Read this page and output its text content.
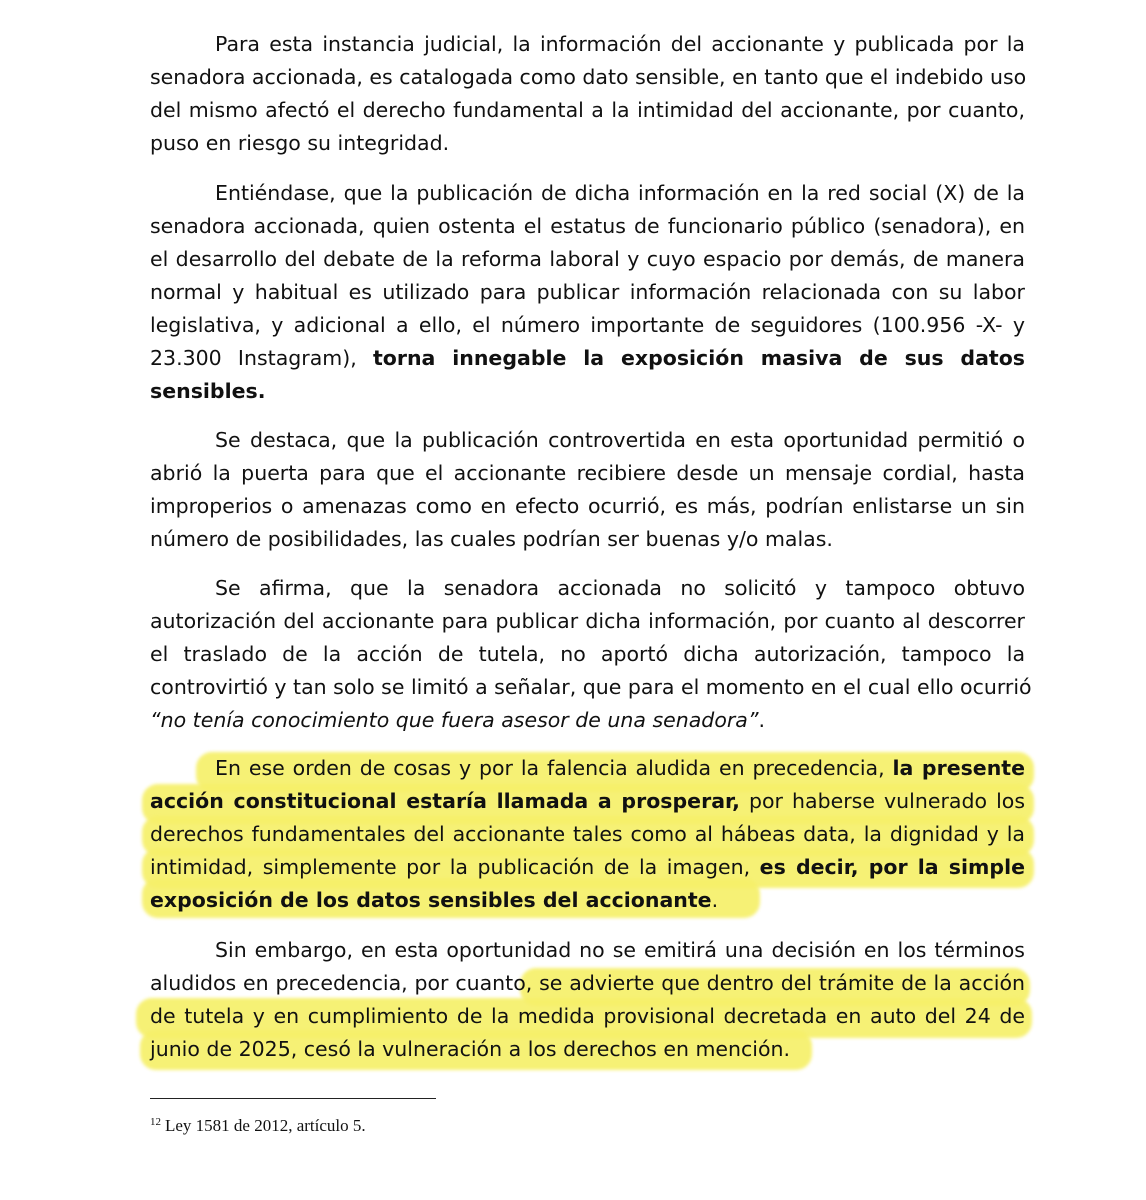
Para esta instancia judicial, la información del accionante y publicada por la
senadora accionada, es catalogada como dato sensible, en tanto que el indebido uso
del mismo afectó el derecho fundamental a la intimidad del accionante, por cuanto,
puso en riesgo su integridad.
Entiéndase, que la publicación de dicha información en la red social (X) de la
senadora accionada, quien ostenta el estatus de funcionario público (senadora), en
el desarrollo del debate de la reforma laboral y cuyo espacio por demás, de manera
normal y habitual es utilizado para publicar información relacionada con su labor
legislativa, y adicional a ello, el número importante de seguidores (100.956 -X- y
23.300 Instagram), torna innegable la exposición masiva de sus datos
sensibles.
Se destaca, que la publicación controvertida en esta oportunidad permitió o
abrió la puerta para que el accionante recibiere desde un mensaje cordial, hasta
improperios o amenazas como en efecto ocurrió, es más, podrían enlistarse un sin
número de posibilidades, las cuales podrían ser buenas y/o malas.
Se afirma, que la senadora accionada no solicitó y tampoco obtuvo
autorización del accionante para publicar dicha información, por cuanto al descorrer
el traslado de la acción de tutela, no aportó dicha autorización, tampoco la
controvirtió y tan solo se limitó a señalar, que para el momento en el cual ello ocurrió
“no tenía conocimiento que fuera asesor de una senadora”.
En ese orden de cosas y por la falencia aludida en precedencia, la presente
acción constitucional estaría llamada a prosperar, por haberse vulnerado los
derechos fundamentales del accionante tales como al hábeas data, la dignidad y la
intimidad, simplemente por la publicación de la imagen, es decir, por la simple
exposición de los datos sensibles del accionante.
Sin embargo, en esta oportunidad no se emitirá una decisión en los términos
aludidos en precedencia, por cuanto, se advierte que dentro del trámite de la acción
de tutela y en cumplimiento de la medida provisional decretada en auto del 24 de
junio de 2025, cesó la vulneración a los derechos en mención.
$^{12}$ Ley 1581 de 2012, artículo 5.
